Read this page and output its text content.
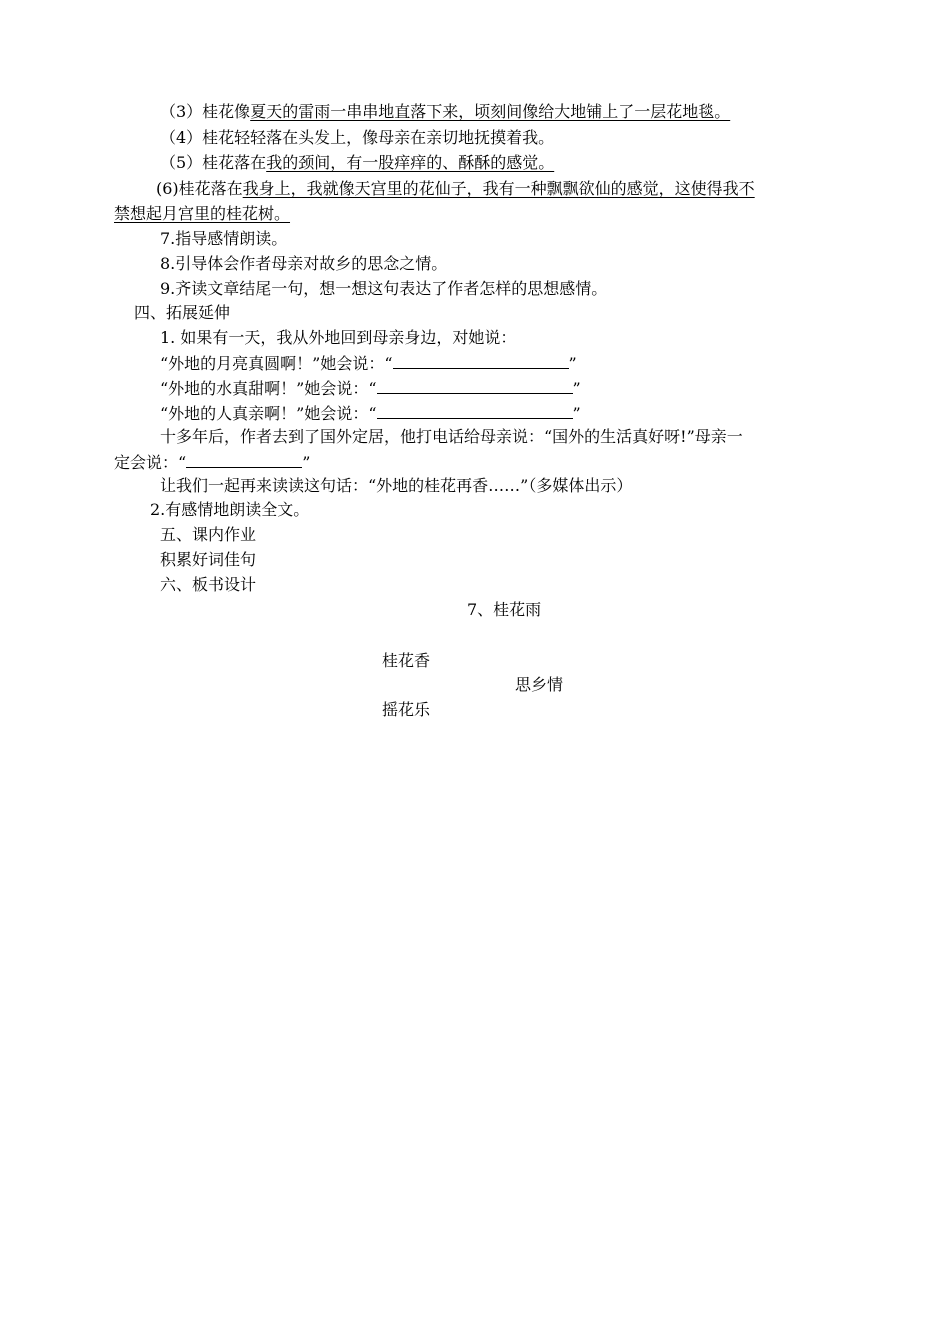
（3）桂花像夏天的雷雨一串串地直落下来，顷刻间像给大地铺上了一层花地毯。
（4）桂花轻轻落在头发上，像母亲在亲切地抚摸着我。
（5）桂花落在我的颈间，有一股痒痒的、酥酥的感觉。
(6)桂花落在我身上，我就像天宫里的花仙子，我有一种飘飘欲仙的感觉，这使得我不
禁想起月宫里的桂花树。
7.指导感情朗读。
8.引导体会作者母亲对故乡的思念之情。
9.齐读文章结尾一句，想一想这句表达了作者怎样的思想感情。
四、拓展延伸
1. 如果有一天，我从外地回到母亲身边，对她说：
“外地的月亮真圆啊！”她会说：“	”
“外地的水真甜啊！”她会说：“	”
“外地的人真亲啊！”她会说：“	”
十多年后，作者去到了国外定居，他打电话给母亲说：“国外的生活真好呀!”母亲一
定会说：“	”
让我们一起再来读读这句话：“外地的桂花再香……”（多媒体出示）
2.有感情地朗读全文。
五、课内作业
积累好词佳句
六、板书设计
7、桂花雨
桂花香
思乡情
摇花乐
